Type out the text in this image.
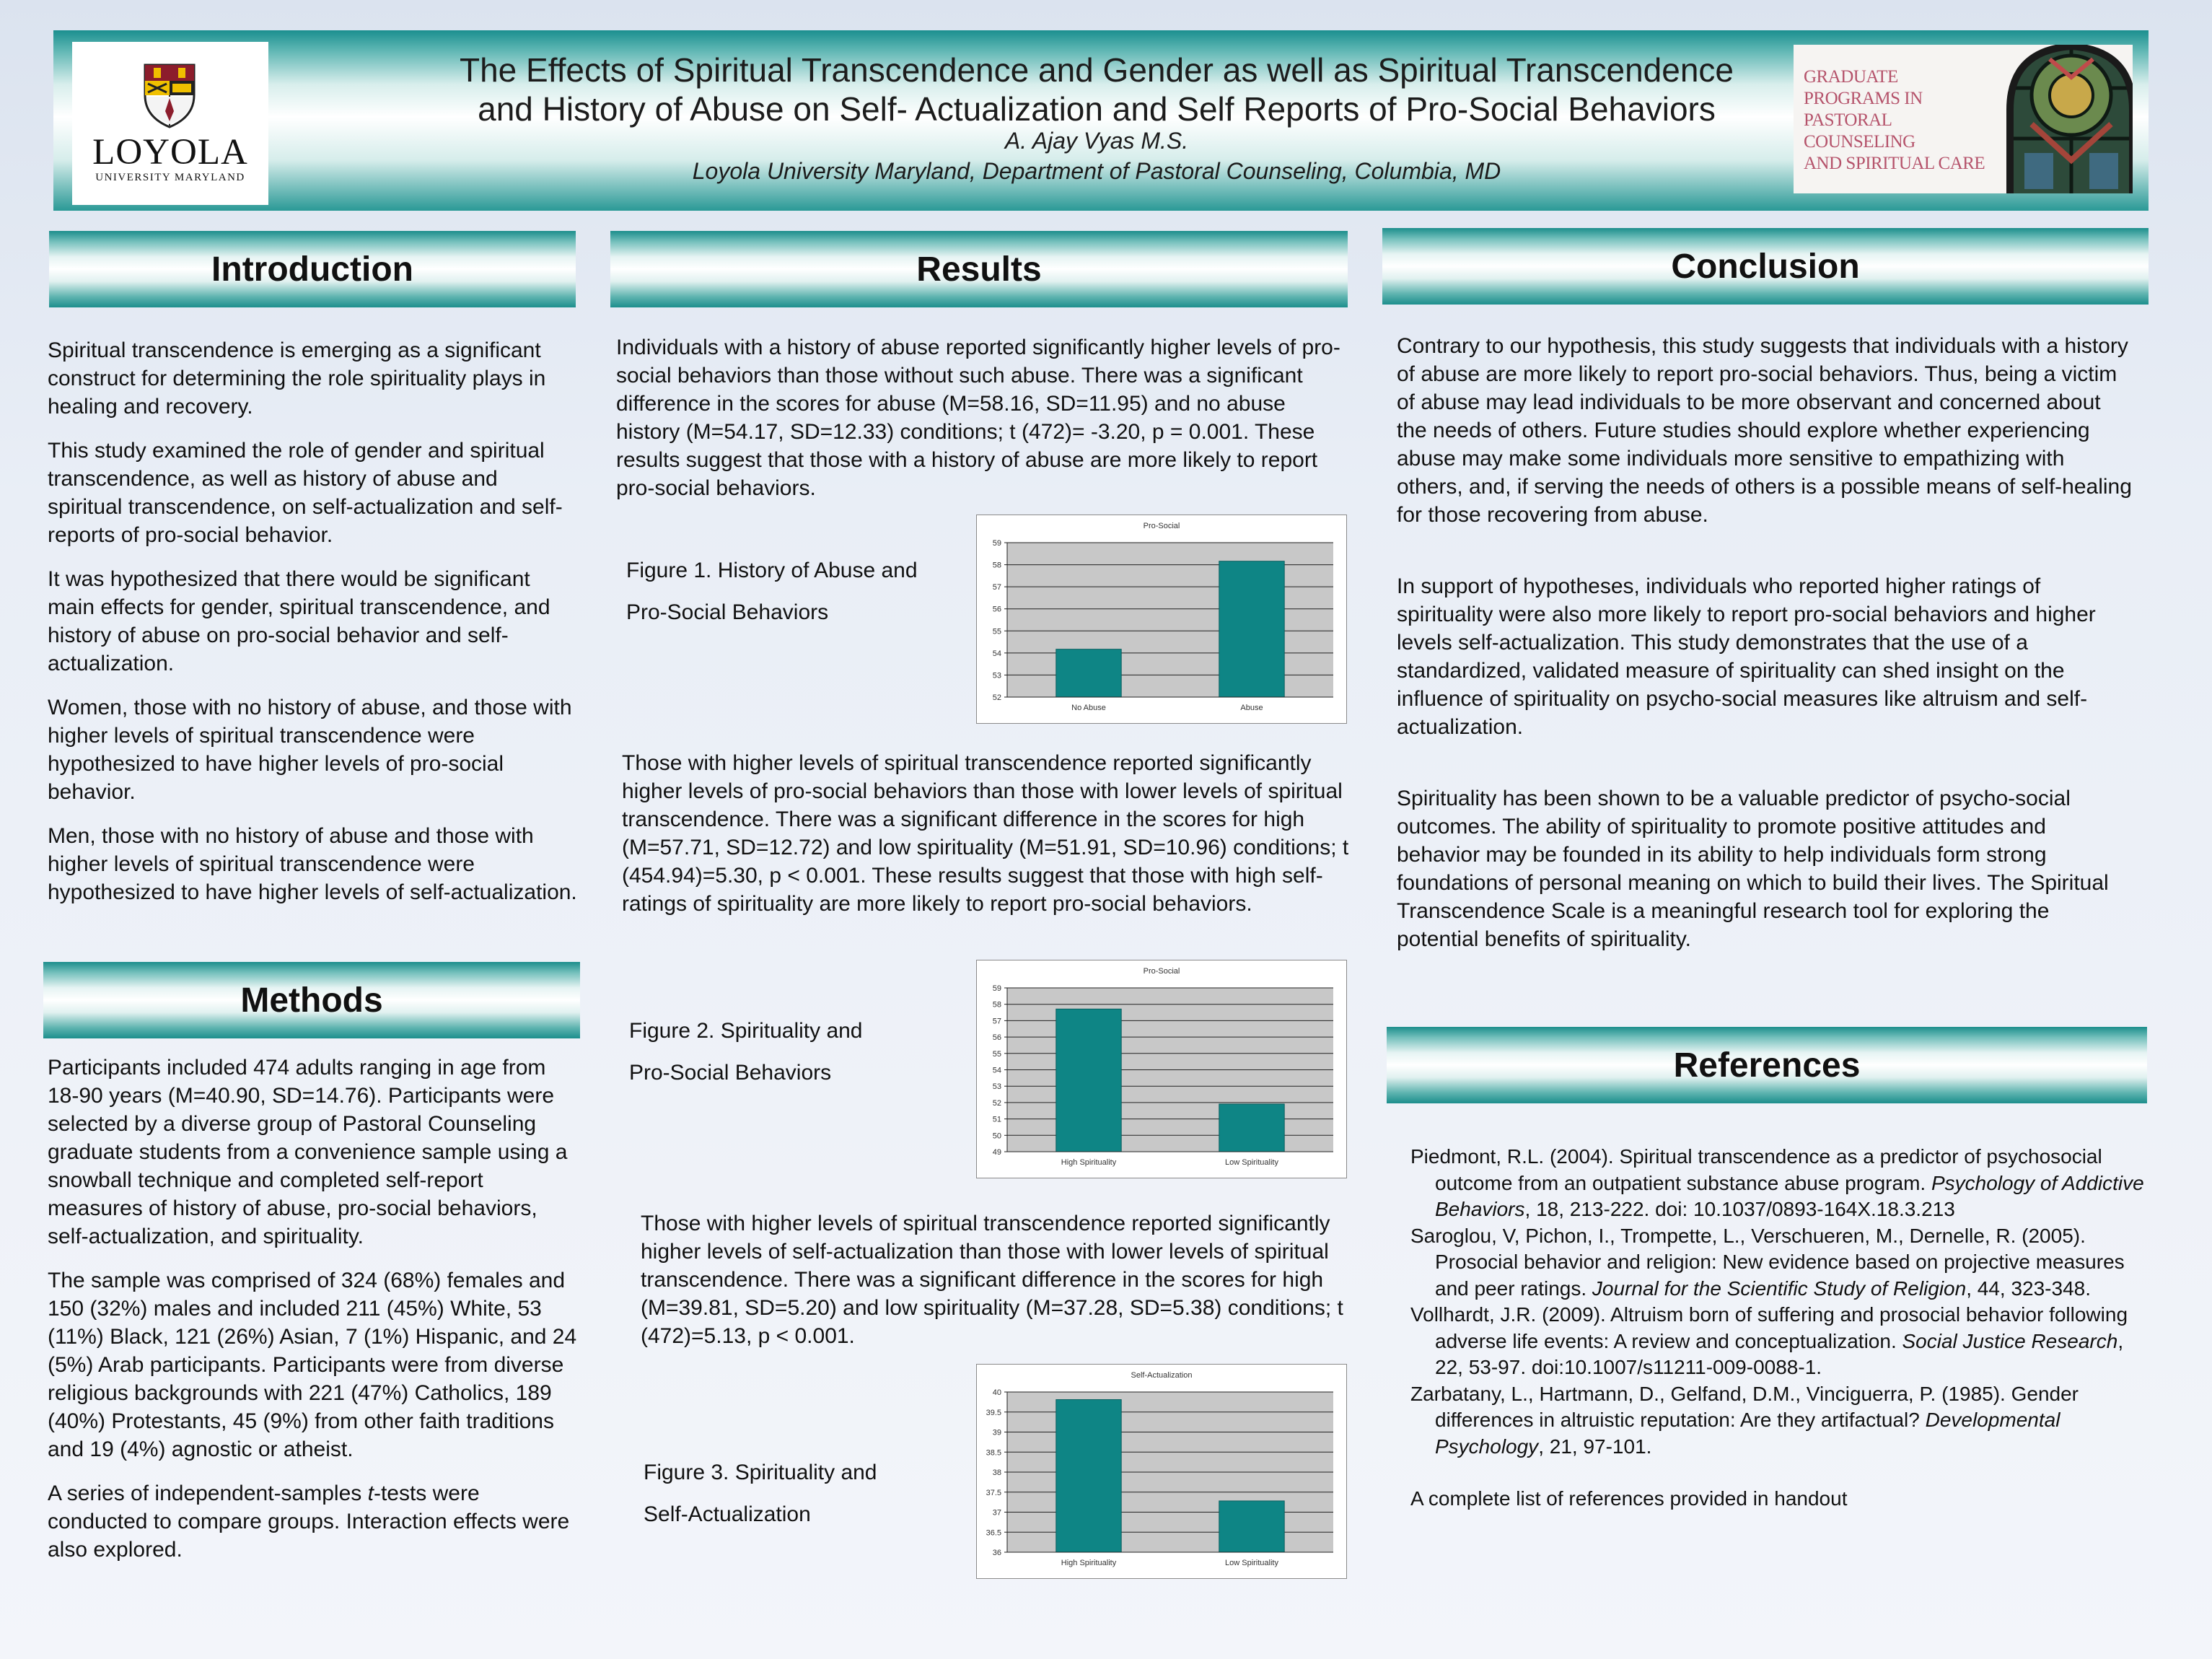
LOYOLA
UNIVERSITY MARYLAND
The Effects of Spiritual Transcendence and Gender as well as Spiritual Transcendence
and History of Abuse on Self- Actualization and Self Reports of Pro-Social Behaviors
A. Ajay Vyas M.S.
Loyola University Maryland, Department of Pastoral Counseling, Columbia, MD
GRADUATE PROGRAMS IN
PASTORAL COUNSELING
AND SPIRITUAL CARE
Introduction

Spiritual transcendence is emerging as a significant construct for determining the role spirituality plays in healing and recovery.

This study examined the role of gender and spiritual transcendence, as well as history of abuse and spiritual transcendence, on self-actualization and self-reports of pro-social behavior.

It was hypothesized that there would be significant main effects for gender, spiritual transcendence, and history of abuse on pro-social behavior and self-actualization.

Women, those with no history of abuse, and those with higher levels of spiritual transcendence were hypothesized to have higher levels of pro-social behavior.

Men, those with no history of abuse and those with higher levels of spiritual transcendence were hypothesized to have higher levels of self-actualization.

Methods

Participants included 474 adults ranging in age from 18-90 years (M=40.90, SD=14.76). Participants were selected by a diverse group of Pastoral Counseling graduate students from a convenience sample using a snowball technique and completed self-report measures of history of abuse, pro-social behaviors, self-actualization, and spirituality.

The sample was comprised of 324 (68%) females and 150 (32%) males and included 211 (45%) White, 53 (11%) Black, 121 (26%) Asian, 7 (1%) Hispanic, and 24 (5%) Arab participants. Participants were from diverse religious backgrounds with 221 (47%) Catholics, 189 (40%) Protestants, 45 (9%) from other faith traditions and 19 (4%) agnostic or atheist.

A series of independent-samples t-tests were conducted to compare groups. Interaction effects were also explored.

Results
Individuals with a history of abuse reported significantly higher levels of pro-social behaviors than those without such abuse. There was a significant difference in the scores for abuse (M=58.16, SD=11.95) and no abuse history (M=54.17, SD=12.33) conditions; t (472)= -3.20, p = 0.001. These results suggest that those with a history of abuse are more likely to report pro-social behaviors.
Figure 1. History of Abuse and
Pro-Social Behaviors
Pro-Social
52
53
54
55
56
57
58
59
No Abuse	Abuse
Those with higher levels of spiritual transcendence reported significantly higher levels of pro-social behaviors than those with lower levels of spiritual transcendence. There was a significant difference in the scores for high (M=57.71, SD=12.72) and low spirituality (M=51.91, SD=10.96) conditions; t (454.94)=5.30, p < 0.001. These results suggest that those with high self-ratings of spirituality are more likely to report pro-social behaviors.
Figure 2. Spirituality and
Pro-Social Behaviors
Pro-Social
49
50
51
52
53
54
55
56
57
58
59
High Spirituality	Low Spirituality
Those with higher levels of spiritual transcendence reported significantly higher levels of self-actualization than those with lower levels of spiritual transcendence. There was a significant difference in the scores for high (M=39.81, SD=5.20) and low spirituality (M=37.28, SD=5.38) conditions; t (472)=5.13, p < 0.001.
Figure 3. Spirituality and
Self-Actualization
Self-Actualization
36
36.5
37
37.5
38
38.5
39
39.5
40
High Spirituality	Low Spirituality
Conclusion

Contrary to our hypothesis, this study suggests that individuals with a history of abuse are more likely to report pro-social behaviors. Thus, being a victim of abuse may lead individuals to be more observant and concerned about the needs of others. Future studies should explore whether experiencing abuse may make some individuals more sensitive to empathizing with others, and, if serving the needs of others is a possible means of self-healing for those recovering from abuse.

In support of hypotheses, individuals who reported higher ratings of spirituality were also more likely to report pro-social behaviors and higher levels self-actualization. This study demonstrates that the use of a standardized, validated measure of spirituality can shed insight on the influence of spirituality on psycho-social measures like altruism and self-actualization.

Spirituality has been shown to be a valuable predictor of psycho-social outcomes. The ability of spirituality to promote positive attitudes and behavior may be founded in its ability to help individuals form strong foundations of personal meaning on which to build their lives. The Spiritual Transcendence Scale is a meaningful research tool for exploring the potential benefits of spirituality.

References

Piedmont, R.L. (2004). Spiritual transcendence as a predictor of psychosocial outcome from an outpatient substance abuse program. Psychology of Addictive Behaviors, 18, 213-222. doi: 10.1037/0893-164X.18.3.213

Saroglou, V, Pichon, I., Trompette, L., Verschueren, M., Dernelle, R. (2005). Prosocial behavior and religion: New evidence based on projective measures and peer ratings. Journal for the Scientific Study of Religion, 44, 323-348.

Vollhardt, J.R. (2009). Altruism born of suffering and prosocial behavior following adverse life events: A review and conceptualization. Social Justice Research, 22, 53-97. doi:10.1007/s11211-009-0088-1.

Zarbatany, L., Hartmann, D., Gelfand, D.M., Vinciguerra, P. (1985). Gender differences in altruistic reputation: Are they artifactual? Developmental Psychology, 21, 97-101.

A complete list of references provided in handout
